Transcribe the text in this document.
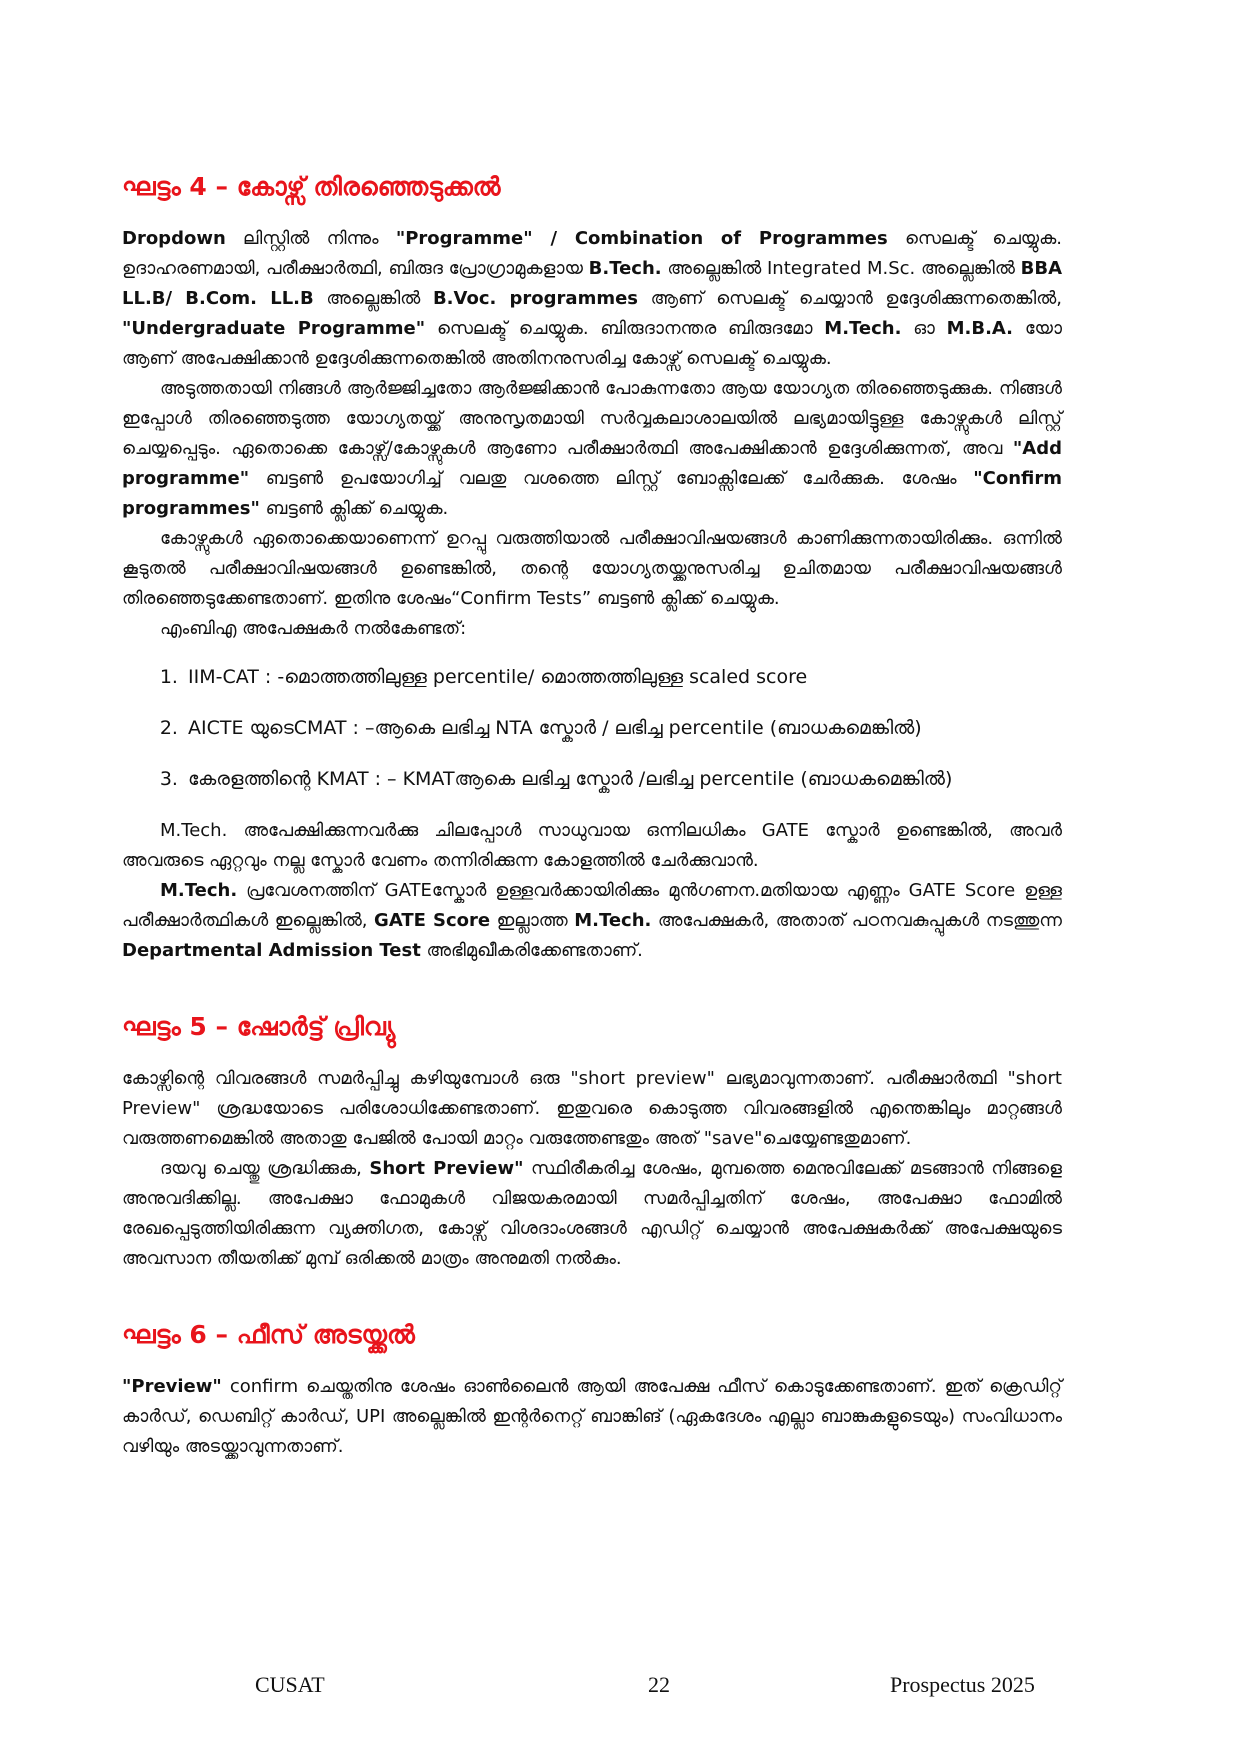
ഘട്ടം 4 – കോഴ്സ് തിരഞ്ഞെടുക്കൽ

Dropdown ലിസ്റ്റിൽ നിന്നും "Programme" / Combination of Programmes സെലക്ട് ചെയ്യുക. ഉദാഹരണമായി, പരീക്ഷാർത്ഥി, ബിരുദ പ്രോഗ്രാമുകളായ B.Tech. അല്ലെങ്കിൽ Integrated M.Sc. അല്ലെങ്കിൽ BBA LL.B/ B.Com. LL.B അല്ലെങ്കിൽ B.Voc. programmes ആണ് സെലക്ട് ചെയ്യാൻ ഉദ്ദേശിക്കുന്നതെങ്കിൽ, "Undergraduate Programme" സെലക്ട് ചെയ്യുക. ബിരുദാനന്തര ബിരുദമോ M.Tech. ഓ M.B.A. യോ ആണ് അപേക്ഷിക്കാൻ ഉദ്ദേശിക്കുന്നതെങ്കിൽ അതിനനുസരിച്ച കോഴ്സ് സെലക്ട് ചെയ്യുക.

അടുത്തതായി നിങ്ങൾ ആർജ്ജിച്ചതോ ആർജ്ജിക്കാൻ പോകുന്നതോ ആയ യോഗ്യത തിരഞ്ഞെടുക്കുക. നിങ്ങൾ ഇപ്പോൾ തിരഞ്ഞെടുത്ത യോഗ്യതയ്ക്ക് അനുസൃതമായി സർവ്വകലാശാലയിൽ ലഭ്യമായിട്ടുള്ള കോഴ്സുകൾ ലിസ്റ്റ് ചെയ്യപ്പെടും. ഏതൊക്കെ കോഴ്സ്/കോഴ്സുകൾ ആണോ പരീക്ഷാർത്ഥി അപേക്ഷിക്കാൻ ഉദ്ദേശിക്കുന്നത്, അവ "Add programme" ബട്ടൺ ഉപയോഗിച്ച് വലതു വശത്തെ ലിസ്റ്റ് ബോക്സിലേക്ക് ചേർക്കുക. ശേഷം "Confirm programmes" ബട്ടൺ ക്ലിക്ക് ചെയ്യുക.

കോഴ്സുകൾ ഏതൊക്കെയാണെന്ന് ഉറപ്പു വരുത്തിയാൽ പരീക്ഷാവിഷയങ്ങൾ കാണിക്കുന്നതായിരിക്കും. ഒന്നിൽ കൂടുതൽ പരീക്ഷാവിഷയങ്ങൾ ഉണ്ടെങ്കിൽ, തന്റെ യോഗ്യതയ്ക്കനുസരിച്ച ഉചിതമായ പരീക്ഷാവിഷയങ്ങൾ തിരഞ്ഞെടുക്കേണ്ടതാണ്. ഇതിനു ശേഷം“Confirm Tests” ബട്ടൺ ക്ലിക്ക് ചെയ്യുക.

എംബിഎ അപേക്ഷകർ നൽകേണ്ടത്:

1. IIM-CAT : -മൊത്തത്തിലുള്ള percentile/ മൊത്തത്തിലുള്ള scaled score
2. AICTE യുടെCMAT : –ആകെ ലഭിച്ച NTA സ്കോർ / ലഭിച്ച percentile (ബാധകമെങ്കിൽ)
3. കേരളത്തിന്റെ KMAT : – KMATആകെ ലഭിച്ച സ്കോർ /ലഭിച്ച percentile (ബാധകമെങ്കിൽ)

M.Tech. അപേക്ഷിക്കുന്നവർക്കു ചിലപ്പോൾ സാധുവായ ഒന്നിലധികം GATE സ്കോർ ഉണ്ടെങ്കിൽ, അവർ അവരുടെ ഏറ്റവും നല്ല സ്കോർ വേണം തന്നിരിക്കുന്ന കോളത്തിൽ ചേർക്കുവാൻ.

M.Tech. പ്രവേശനത്തിന് GATEസ്കോർ ഉള്ളവർക്കായിരിക്കും മുൻഗണന.മതിയായ എണ്ണം GATE Score ഉള്ള പരീക്ഷാർത്ഥികൾ ഇല്ലെങ്കിൽ, GATE Score ഇല്ലാത്ത M.Tech. അപേക്ഷകർ, അതാത് പഠനവകുപ്പുകൾ നടത്തുന്ന Departmental Admission Test അഭിമുഖീകരിക്കേണ്ടതാണ്.

ഘട്ടം 5 – ഷോർട്ട് പ്രിവ്യു

കോഴ്സിന്റെ വിവരങ്ങൾ സമർപ്പിച്ചു കഴിയുമ്പോൾ ഒരു "short preview" ലഭ്യമാവുന്നതാണ്. പരീക്ഷാർത്ഥി "short Preview" ശ്രദ്ധയോടെ പരിശോധിക്കേണ്ടതാണ്. ഇതുവരെ കൊടുത്ത വിവരങ്ങളിൽ എന്തെങ്കിലും മാറ്റങ്ങൾ വരുത്തണമെങ്കിൽ അതാതു പേജിൽ പോയി മാറ്റം വരുത്തേണ്ടതും അത് "save"ചെയ്യേണ്ടതുമാണ്.

ദയവു ചെയ്തു ശ്രദ്ധിക്കുക, Short Preview" സ്ഥിരീകരിച്ച ശേഷം, മുമ്പത്തെ മെനുവിലേക്ക് മടങ്ങാൻ നിങ്ങളെ അനുവദിക്കില്ല. അപേക്ഷാ ഫോമുകൾ വിജയകരമായി സമർപ്പിച്ചതിന് ശേഷം, അപേക്ഷാ ഫോമിൽ രേഖപ്പെടുത്തിയിരിക്കുന്ന വ്യക്തിഗത, കോഴ്സ് വിശദാംശങ്ങൾ എഡിറ്റ് ചെയ്യാൻ അപേക്ഷകർക്ക് അപേക്ഷയുടെ അവസാന തീയതിക്ക് മുമ്പ് ഒരിക്കൽ മാത്രം അനുമതി നൽകും.

ഘട്ടം 6 – ഫീസ് അടയ്ക്കൽ

"Preview" confirm ചെയ്തതിനു ശേഷം ഓൺലൈൻ ആയി അപേക്ഷ ഫീസ് കൊടുക്കേണ്ടതാണ്. ഇത് ക്രെഡിറ്റ് കാർഡ്, ഡെബിറ്റ് കാർഡ്, UPI അല്ലെങ്കിൽ ഇന്റർനെറ്റ് ബാങ്കിങ് (ഏകദേശം എല്ലാ ബാങ്കുകളുടെയും) സംവിധാനം വഴിയും അടയ്ക്കാവുന്നതാണ്.

CUSAT	22	Prospectus 2025
